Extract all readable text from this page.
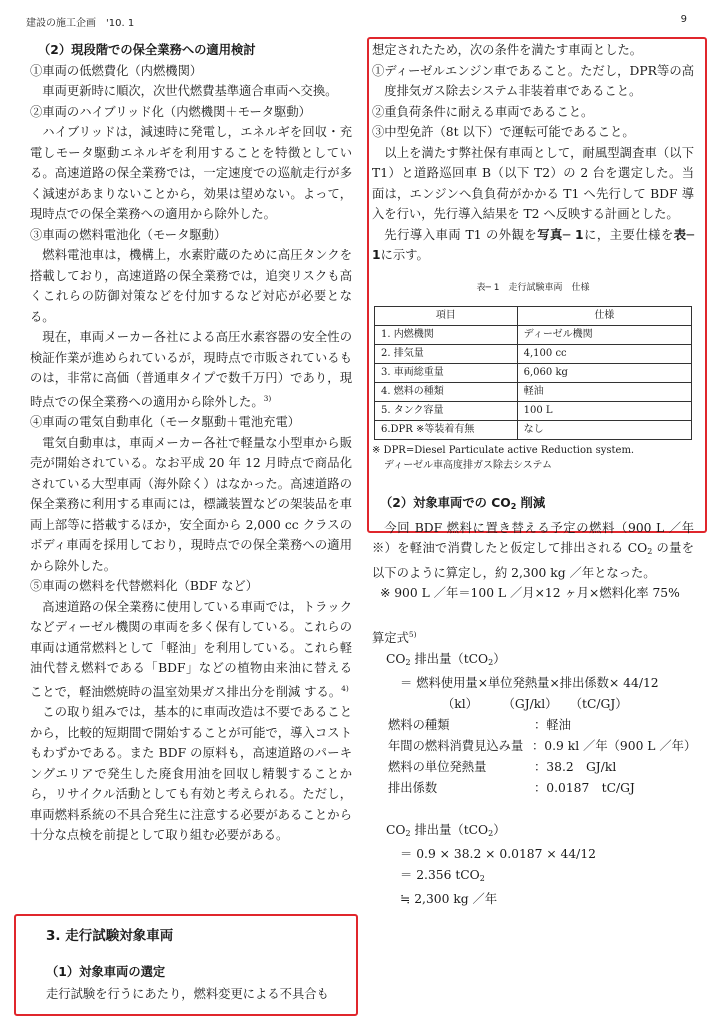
建設の施工企画　'10. 1	9

（2）現段階での保全業務への適用検討

①車両の低燃費化（内燃機関）

車両更新時に順次，次世代燃費基準適合車両へ交換。

②車両のハイブリッド化（内燃機関＋モータ駆動）

ハイブリッドは，減速時に発電し，エネルギを回収・充電しモータ駆動エネルギを利用することを特徴としている。高速道路の保全業務では，一定速度での巡航走行が多く減速があまりないことから，効果は望めない。よって，現時点での保全業務への適用から除外した。

③車両の燃料電池化（モータ駆動）

燃料電池車は，機構上，水素貯蔵のために高圧タンクを搭載しており，高速道路の保全業務では，追突リスクも高くこれらの防御対策などを付加するなど対応が必要となる。

現在，車両メーカー各社による高圧水素容器の安全性の検証作業が進められているが，現時点で市販されているものは，非常に高価（普通車タイプで数千万円）であり，現時点での保全業務への適用から除外した。$^{3)}$

④車両の電気自動車化（モータ駆動＋電池充電）

電気自動車は，車両メーカー各社で軽量な小型車から販売が開始されている。なお平成 20 年 12 月時点で商品化されている大型車両（海外除く）はなかった。高速道路の保全業務に利用する車両には，標識装置などの架装品を車両上部等に搭載するほか，安全面から 2,000 cc クラスのボディ車両を採用しており，現時点での保全業務への適用から除外した。

⑤車両の燃料を代替燃料化（BDF など）

高速道路の保全業務に使用している車両では，トラックなどディーゼル機関の車両を多く保有している。これらの車両は通常燃料として「軽油」を利用している。これら軽油代替え燃料である「BDF」などの植物由来油に替えることで，軽油燃焼時の温室効果ガス排出分を削減 する。$^{4)}$

この取り組みでは，基本的に車両改造は不要であることから，比較的短期間で開始することが可能で，導入コストもわずかである。また BDF の原料も，高速道路のパーキングエリアで発生した廃食用油を回収し精製することから，リサイクル活動としても有効と考えられる。ただし，車両燃料系統の不具合発生に注意する必要があることから十分な点検を前提として取り組む必要がある。

3. 走行試験対象車両
（1）対象車両の選定
走行試験を行うにあたり，燃料変更による不具合も

想定されたため，次の条件を満たす車両とした。

①ディーゼルエンジン車であること。ただし，DPR等の高度排気ガス除去システム非装着車であること。

②重負荷条件に耐える車両であること。

③中型免許（8t 以下）で運転可能であること。

以上を満たす弊社保有車両として，耐風型調査車（以下 T1）と道路巡回車 B（以下 T2）の 2 台を選定した。当面は，エンジンへ負負荷がかかる T1 へ先行して BDF 導入を行い，先行導入結果を T2 へ反映する計画とした。

先行導入車両 T1 の外観を写真─ 1に，主要仕様を表─ 1に示す。

表─ 1　走行試験車両　仕様
項目	仕様
1. 内燃機関	ディーゼル機関
2. 排気量	4,100 cc
3. 車両総重量	6,060 kg
4. 燃料の種類	軽油
5. タンク容量	100 L
6.DPR ※等装着有無	なし
※ DPR=Diesel Particulate active Reduction system.
ディーゼル車高度排ガス除去システム

（2）対象車両での $CO_2$ 削減

今回 BDF 燃料に置き替える予定の燃料（900 L ／年※）を軽油で消費したと仮定して排出される $CO_2$ の量を以下のように算定し，約 2,300 kg ／年となった。

※ 900 L ／年＝100 L ／月×12 ヶ月×燃料化率 75%

算定式$^{5)}$
$CO_2$ 排出量（tCO$_2$）
＝ 燃料使用量×単位発熱量×排出係数× 44/12
（kl）　　　（GJ/kl）　　（tC/GJ）
燃料の種類	：軽油
年間の燃料消費見込み量 ：0.9 kl ／年（900 L ／年）
燃料の単位発熱量	：38.2　GJ/kl
排出係数	：0.0187　tC/GJ
$CO_2$ 排出量（tCO$_2$）
＝ 0.9 × 38.2 × 0.0187 × 44/12
＝ 2.356 tCO$_2$
≒ 2,300 kg ／年
